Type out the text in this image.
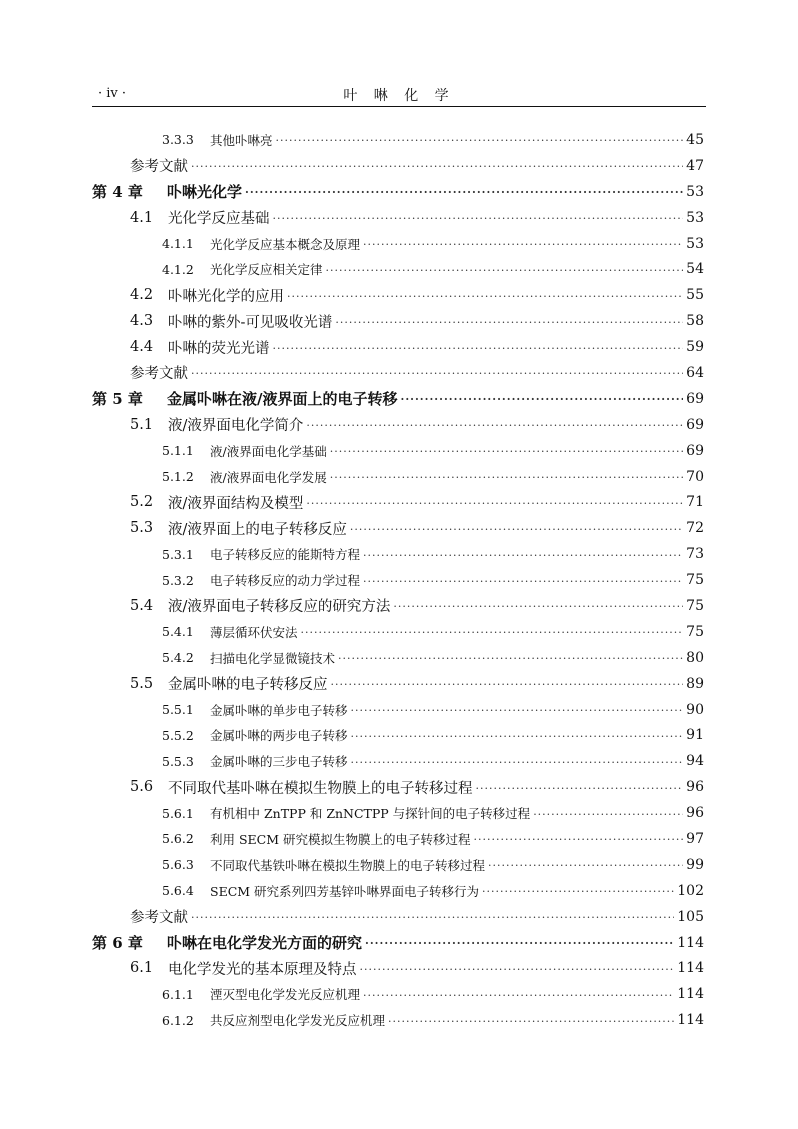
· iv ·	叶 啉 化 学
3.3.3	其他卟啉亮 ·····	45
参考文献 ·····	47
第 4 章	卟啉光化学 ·····	53
4.1	光化学反应基础 ·····	53
4.1.1	光化学反应基本概念及原理 ·····	53
4.1.2	光化学反应相关定律 ·····	54
4.2	卟啉光化学的应用 ·····	55
4.3	卟啉的紫外-可见吸收光谱 ·····	58
4.4	卟啉的荧光光谱 ·····	59
参考文献 ·····	64
第 5 章	金属卟啉在液/液界面上的电子转移 ·····	69
5.1	液/液界面电化学简介 ·····	69
5.1.1	液/液界面电化学基础 ·····	69
5.1.2	液/液界面电化学发展 ·····	70
5.2	液/液界面结构及模型 ·····	71
5.3	液/液界面上的电子转移反应 ·····	72
5.3.1	电子转移反应的能斯特方程 ·····	73
5.3.2	电子转移反应的动力学过程 ·····	75
5.4	液/液界面电子转移反应的研究方法 ·····	75
5.4.1	薄层循环伏安法 ·····	75
5.4.2	扫描电化学显微镜技术 ·····	80
5.5	金属卟啉的电子转移反应 ·····	89
5.5.1	金属卟啉的单步电子转移 ·····	90
5.5.2	金属卟啉的两步电子转移 ·····	91
5.5.3	金属卟啉的三步电子转移 ·····	94
5.6	不同取代基卟啉在模拟生物膜上的电子转移过程 ·····	96
5.6.1	有机相中 ZnTPP 和 ZnNCTPP 与探针间的电子转移过程 ·····	96
5.6.2	利用 SECM 研究模拟生物膜上的电子转移过程 ·····	97
5.6.3	不同取代基铁卟啉在模拟生物膜上的电子转移过程 ·····	99
5.6.4	SECM 研究系列四芳基锌卟啉界面电子转移行为 ·····	102
参考文献 ·····	105
第 6 章	卟啉在电化学发光方面的研究 ·····	114
6.1	电化学发光的基本原理及特点 ·····	114
6.1.1	湮灭型电化学发光反应机理 ·····	114
6.1.2	共反应剂型电化学发光反应机理 ·····	114
